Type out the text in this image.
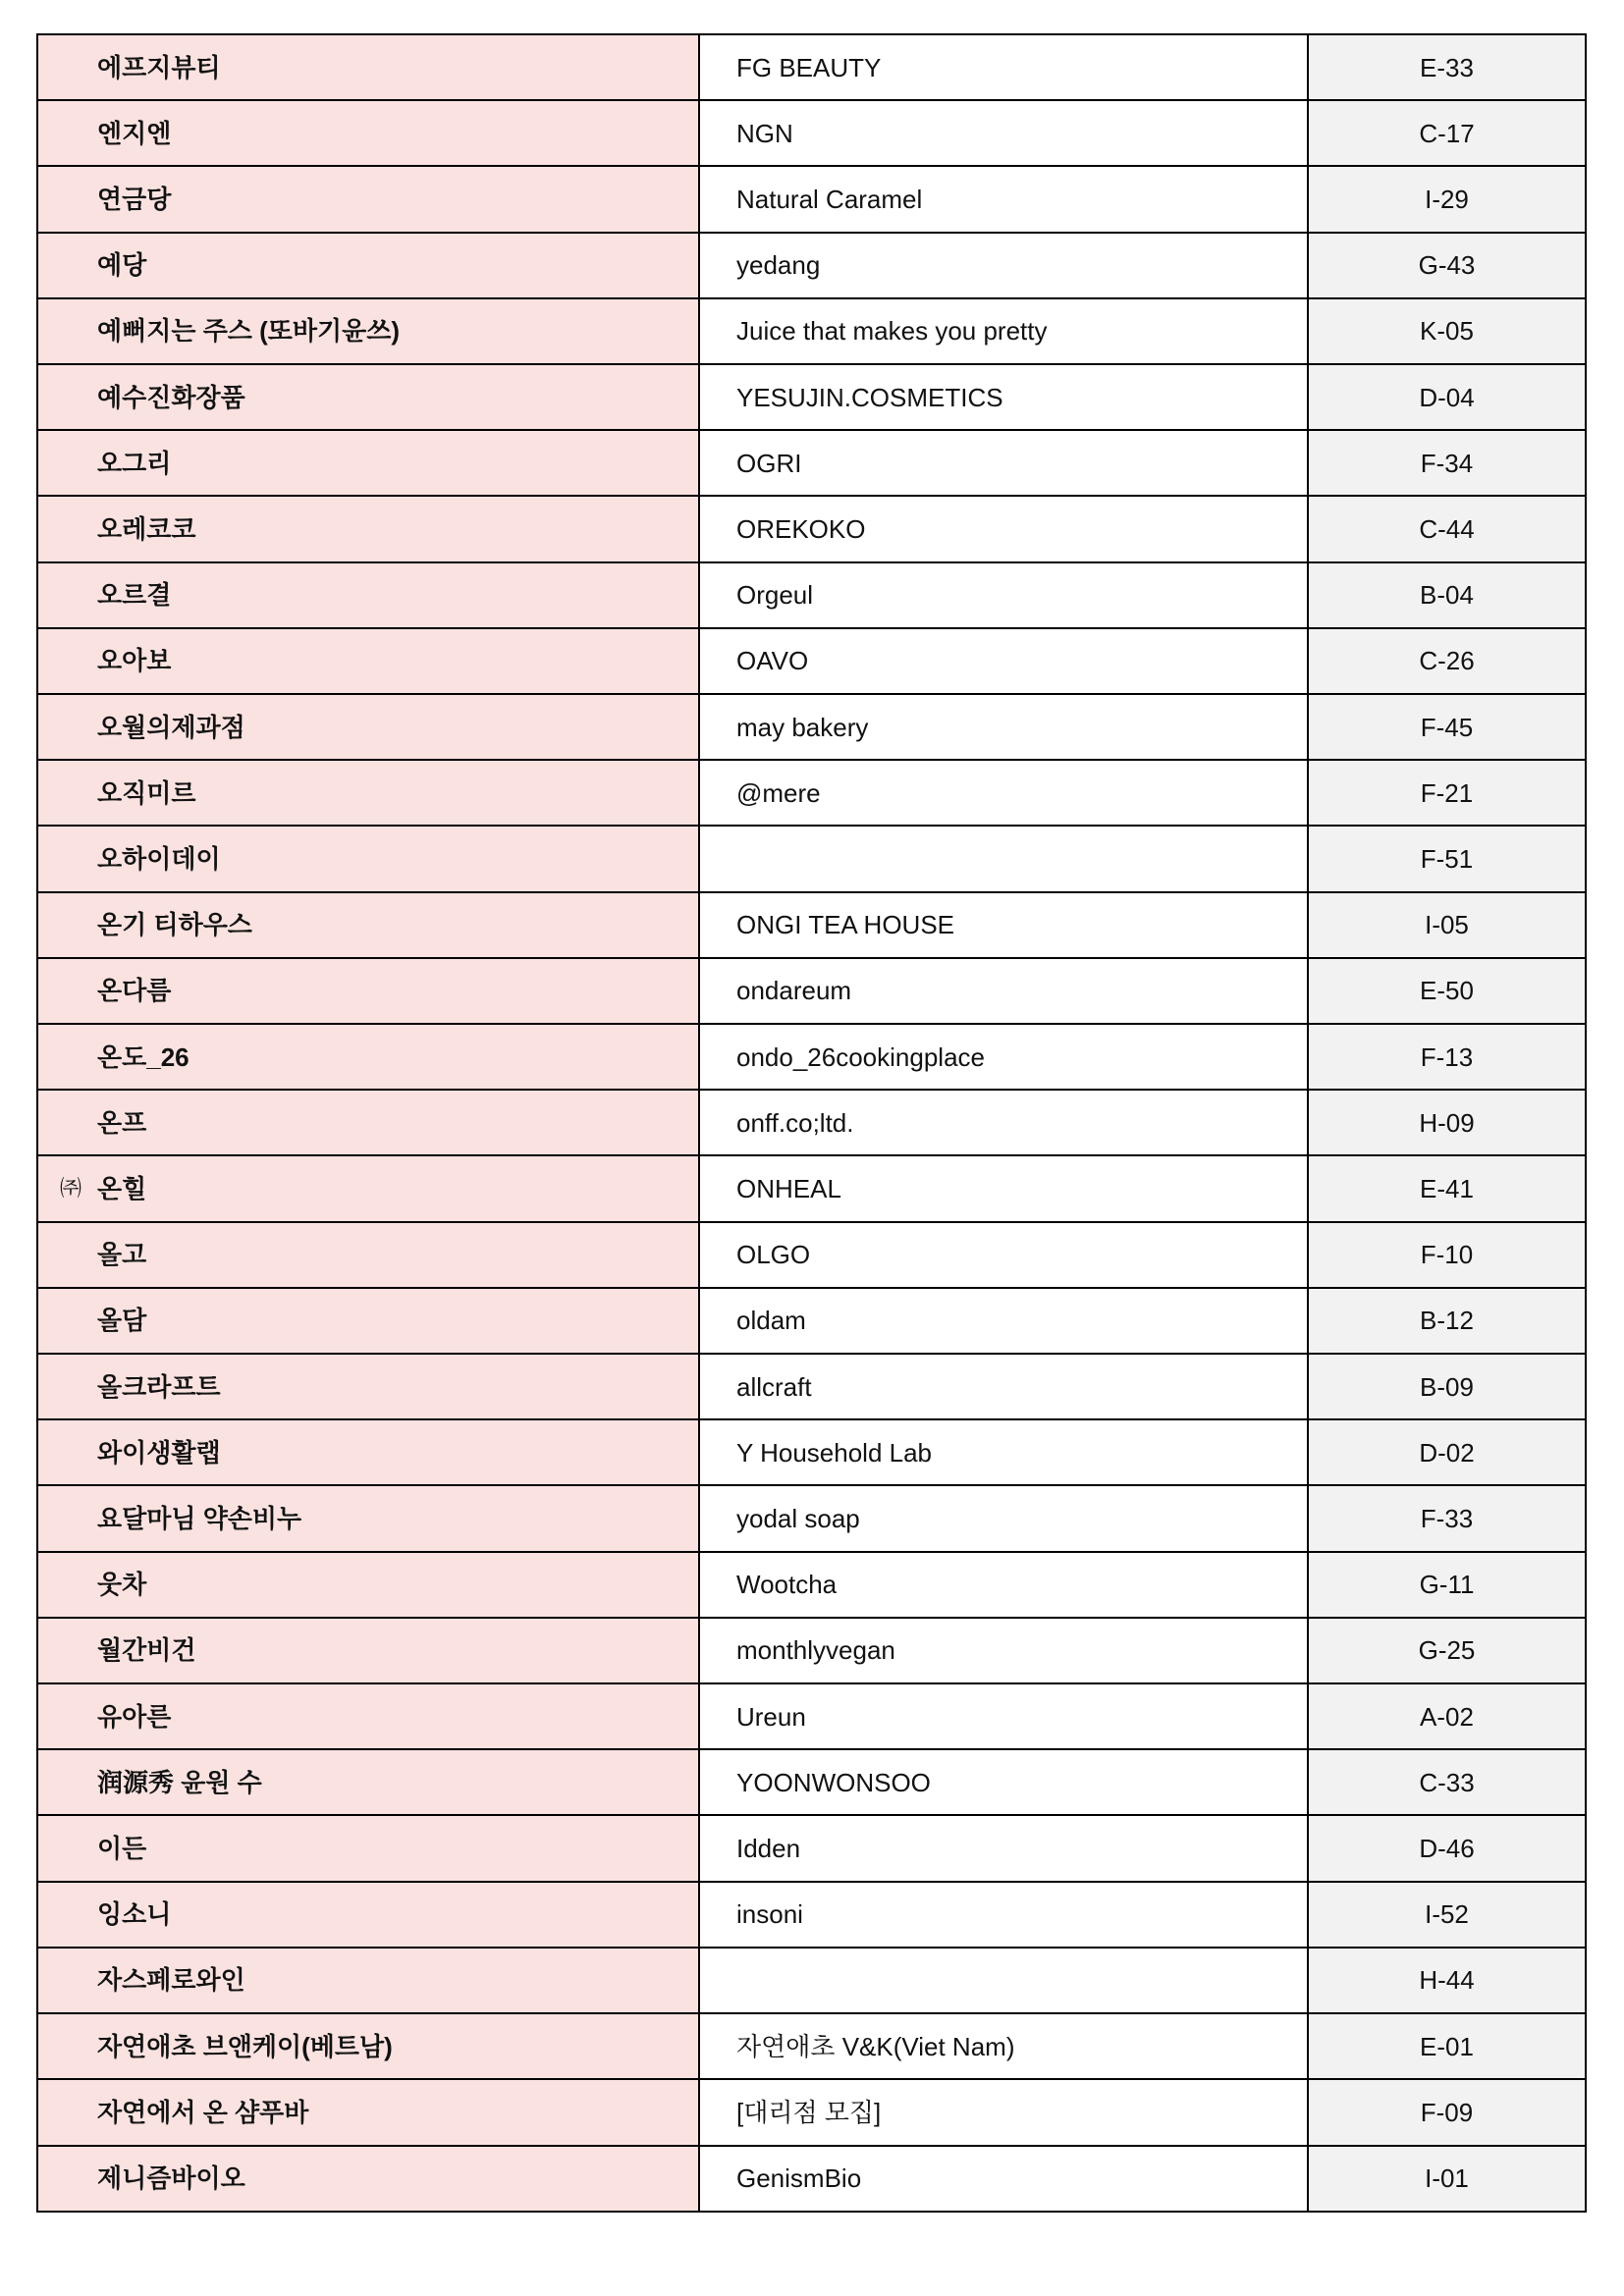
에프지뷰티	FG BEAUTY	E-33
엔지엔	NGN	C-17
연금당	Natural Caramel	I-29
예당	yedang	G-43
예뻐지는 주스 (또바기윤쓰)	Juice that makes you pretty	K-05
예수진화장품	YESUJIN.COSMETICS	D-04
오그리	OGRI	F-34
오레코코	OREKOKO	C-44
오르결	Orgeul	B-04
오아보	OAVO	C-26
오월의제과점	may bakery	F-45
오직미르	@mere	F-21
오하이데이		F-51
온기 티하우스	ONGI TEA HOUSE	I-05
온다름	ondareum	E-50
온도_26	ondo_26cookingplace	F-13
온프	onff.co;ltd.	H-09

㈜ 온힐	ONHEAL	E-41
올고	OLGO	F-10
올담	oldam	B-12
올크라프트	allcraft	B-09
와이생활랩	Y Household Lab	D-02
요달마님 약손비누	yodal soap	F-33
웃차	Wootcha	G-11
월간비건	monthlyvegan	G-25
유아른	Ureun	A-02
润源秀 윤원 수	YOONWONSOO	C-33
이든	Idden	D-46
잉소니	insoni	I-52
자스페로와인		H-44
자연애초 브앤케이(베트남)	자연애초 V&K(Viet Nam)	E-01
자연에서 온 샴푸바	[대리점 모집]	F-09
제니즘바이오	GenismBio	I-01
